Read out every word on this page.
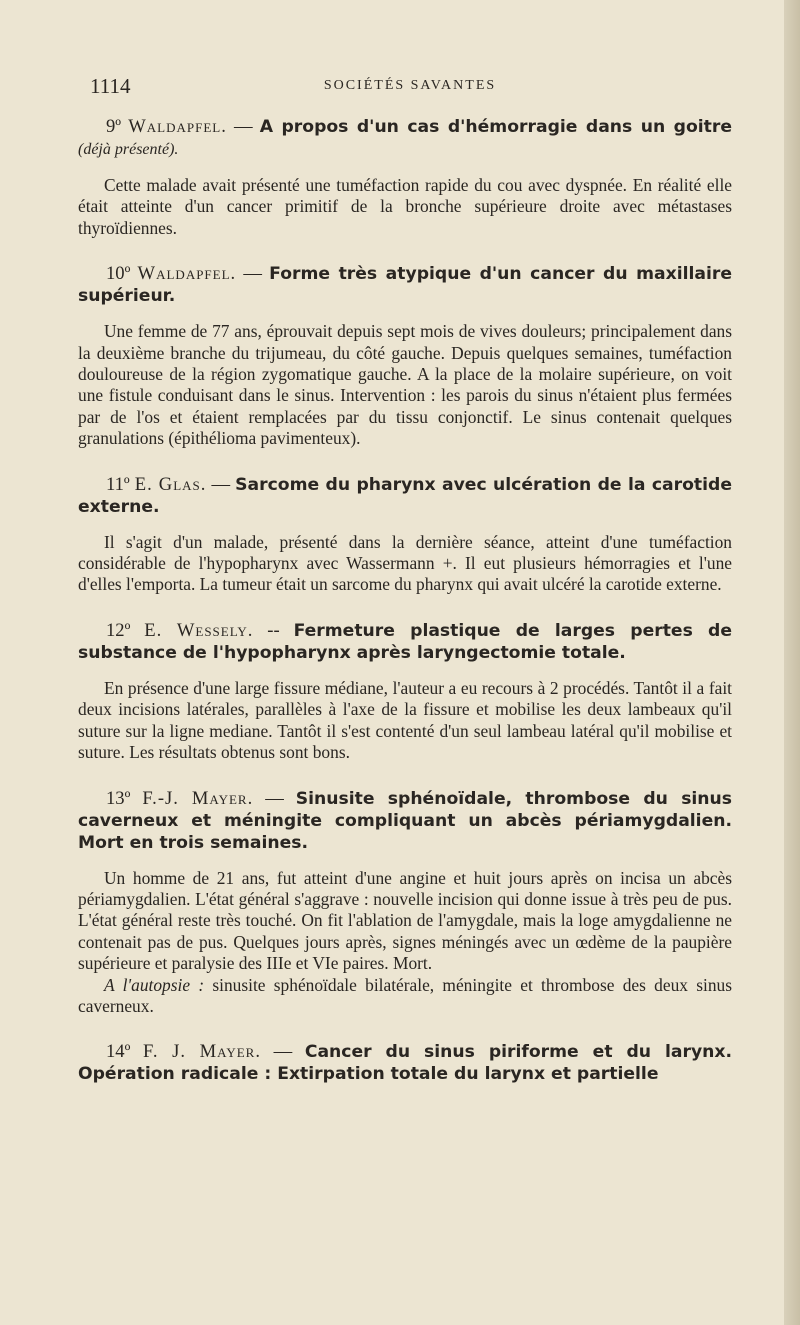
1114	SOCIÉTÉS SAVANTES
9º Waldapfel. — A propos d'un cas d'hémorragie dans un goitre (déjà présenté).

Cette malade avait présenté une tuméfaction rapide du cou avec dyspnée. En réalité elle était atteinte d'un cancer primitif de la bronche supérieure droite avec métastases thyroïdiennes.

10º Waldapfel. — Forme très atypique d'un cancer du maxillaire supérieur.

Une femme de 77 ans, éprouvait depuis sept mois de vives douleurs; principalement dans la deuxième branche du trijumeau, du côté gauche. Depuis quelques semaines, tuméfaction douloureuse de la région zygomatique gauche. A la place de la molaire supérieure, on voit une fistule conduisant dans le sinus. Intervention : les parois du sinus n'étaient plus fermées par de l'os et étaient remplacées par du tissu conjonctif. Le sinus contenait quelques granulations (épithélioma pavimenteux).

11º E. Glas. — Sarcome du pharynx avec ulcération de la carotide externe.

Il s'agit d'un malade, présenté dans la dernière séance, atteint d'une tuméfaction considérable de l'hypopharynx avec Wassermann +. Il eut plusieurs hémorragies et l'une d'elles l'emporta. La tumeur était un sarcome du pharynx qui avait ulcéré la carotide externe.

12º E. Wessely. -- Fermeture plastique de larges pertes de substance de l'hypopharynx après laryngectomie totale.

En présence d'une large fissure médiane, l'auteur a eu recours à 2 procédés. Tantôt il a fait deux incisions latérales, parallèles à l'axe de la fissure et mobilise les deux lambeaux qu'il suture sur la ligne mediane. Tantôt il s'est contenté d'un seul lambeau latéral qu'il mobilise et suture. Les résultats obtenus sont bons.

13º F.-J. Mayer. — Sinusite sphénoïdale, thrombose du sinus caverneux et méningite compliquant un abcès périamygdalien. Mort en trois semaines.

Un homme de 21 ans, fut atteint d'une angine et huit jours après on incisa un abcès périamygdalien. L'état général s'aggrave : nouvelle incision qui donne issue à très peu de pus. L'état général reste très touché. On fit l'ablation de l'amygdale, mais la loge amygdalienne ne contenait pas de pus. Quelques jours après, signes méningés avec un œdème de la paupière supérieure et paralysie des IIIe et VIe paires. Mort.

A l'autopsie : sinusite sphénoïdale bilatérale, méningite et thrombose des deux sinus caverneux.

14º F. J. Mayer. — Cancer du sinus piriforme et du larynx. Opération radicale : Extirpation totale du larynx et partielle
